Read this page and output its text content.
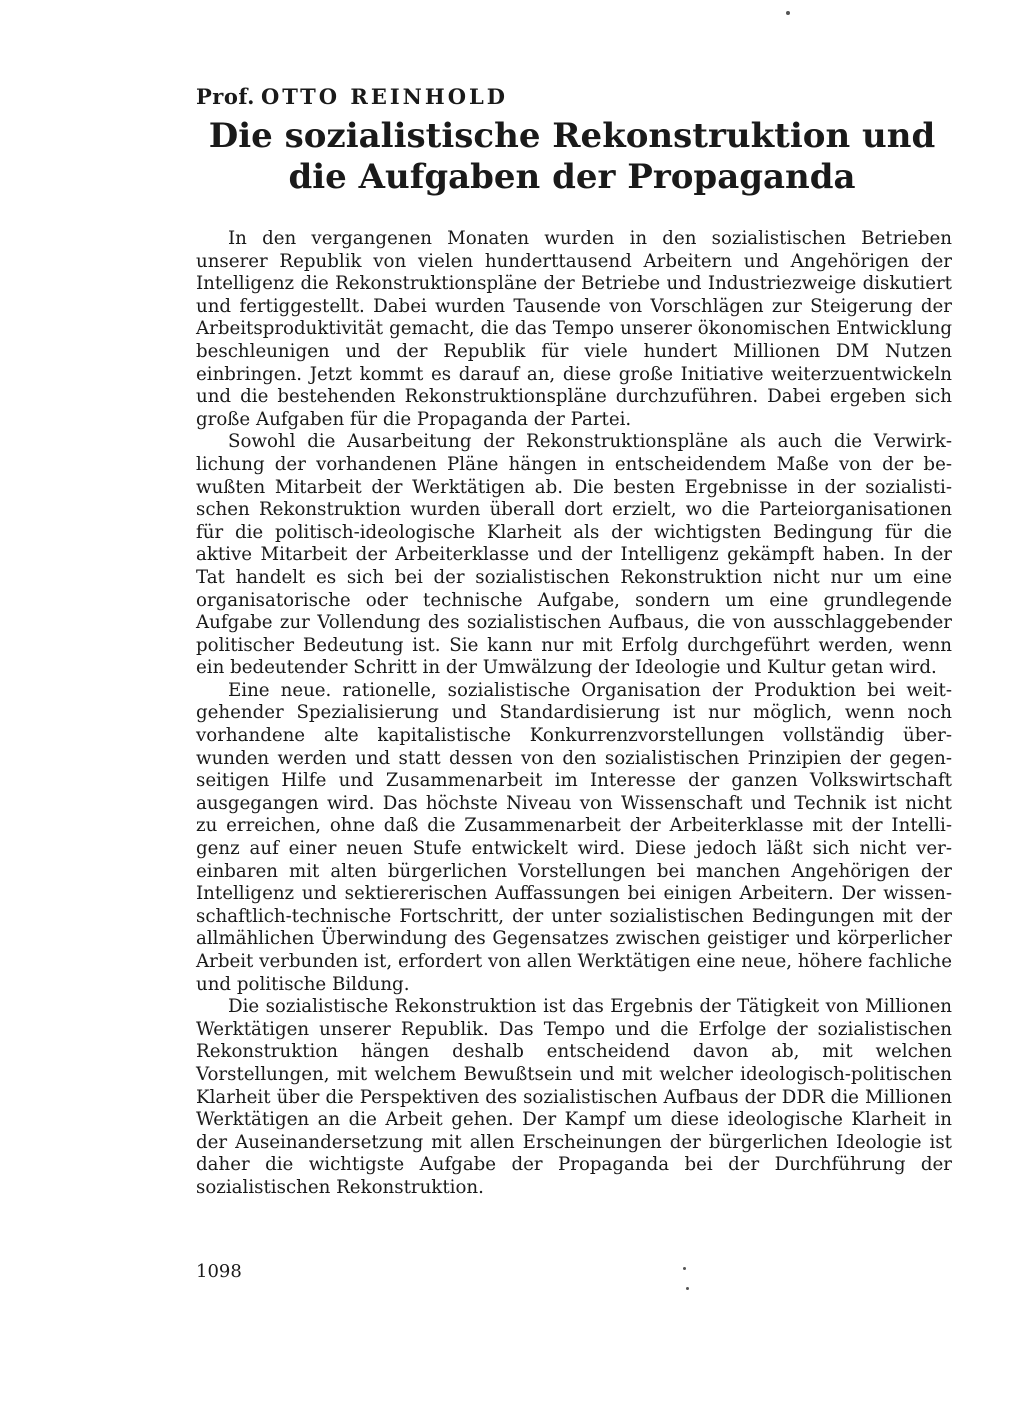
Prof. OTTO REINHOLD
Die sozialistische Rekonstruktion und
die Aufgaben der Propaganda

In den vergangenen Monaten wurden in den sozialistischen Betrieben unserer Republik von vielen hunderttausend Arbeitern und Angehörigen der Intelligenz die Rekonstruktionspläne der Betriebe und Industriezweige diskutiert und fertiggestellt. Dabei wurden Tausende von Vorschlägen zur Steigerung der Arbeitsproduktivität gemacht, die das Tempo unserer ökonomischen Entwicklung beschleunigen und der Republik für viele hundert Millionen DM Nutzen einbringen. Jetzt kommt es darauf an, diese große Initiative weiterzuentwickeln und die bestehenden Rekonstruktionspläne durchzuführen. Dabei ergeben sich große Aufgaben für die Propaganda der Partei.

Sowohl die Ausarbeitung der Rekonstruktionspläne als auch die Verwirklichung der vorhandenen Pläne hängen in entscheidendem Maße von der bewußten Mitarbeit der Werktätigen ab. Die besten Ergebnisse in der sozialistischen Rekonstruktion wurden überall dort erzielt, wo die Parteiorganisationen für die politisch-ideologische Klarheit als der wichtigsten Bedingung für die aktive Mitarbeit der Arbeiterklasse und der Intelligenz gekämpft haben. In der Tat handelt es sich bei der sozialistischen Rekonstruktion nicht nur um eine organisatorische oder technische Aufgabe, sondern um eine grundlegende Aufgabe zur Vollendung des sozialistischen Aufbaus, die von ausschlaggebender politischer Bedeutung ist. Sie kann nur mit Erfolg durchgeführt werden, wenn ein bedeutender Schritt in der Umwälzung der Ideologie und Kultur getan wird.

Eine neue. rationelle, sozialistische Organisation der Produktion bei weitgehender Spezialisierung und Standardisierung ist nur möglich, wenn noch vorhandene alte kapitalistische Konkurrenzvorstellungen vollständig überwunden werden und statt dessen von den sozialistischen Prinzipien der gegenseitigen Hilfe und Zusammenarbeit im Interesse der ganzen Volkswirtschaft ausgegangen wird. Das höchste Niveau von Wissenschaft und Technik ist nicht zu erreichen, ohne daß die Zusammenarbeit der Arbeiterklasse mit der Intelligenz auf einer neuen Stufe entwickelt wird. Diese jedoch läßt sich nicht vereinbaren mit alten bürgerlichen Vorstellungen bei manchen Angehörigen der Intelligenz und sektiererischen Auffassungen bei einigen Arbeitern. Der wissenschaftlich-technische Fortschritt, der unter sozialistischen Bedingungen mit der allmählichen Überwindung des Gegensatzes zwischen geistiger und körperlicher Arbeit verbunden ist, erfordert von allen Werktätigen eine neue, höhere fachliche und politische Bildung.

Die sozialistische Rekonstruktion ist das Ergebnis der Tätigkeit von Millionen Werktätigen unserer Republik. Das Tempo und die Erfolge der sozialistischen Rekonstruktion hängen deshalb entscheidend davon ab, mit welchen Vorstellungen, mit welchem Bewußtsein und mit welcher ideologisch-politischen Klarheit über die Perspektiven des sozialistischen Aufbaus der DDR die Millionen Werktätigen an die Arbeit gehen. Der Kampf um diese ideologische Klarheit in der Auseinandersetzung mit allen Erscheinungen der bürgerlichen Ideologie ist daher die wichtigste Aufgabe der Propaganda bei der Durchführung der sozialistischen Rekonstruktion.

1098
